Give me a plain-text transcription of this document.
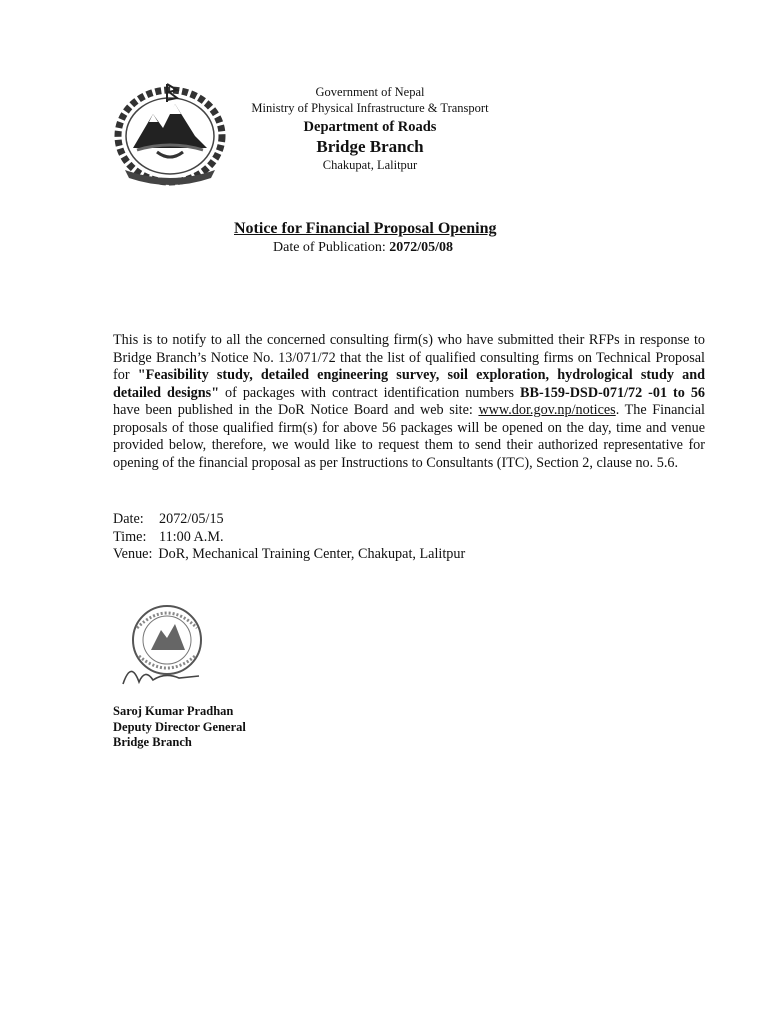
Government of Nepal
Ministry of Physical Infrastructure & Transport
Department of Roads
Bridge Branch
Chakupat, Lalitpur
Notice for Financial Proposal Opening
Date of Publication: 2072/05/08
This is to notify to all the concerned consulting firm(s) who have submitted their RFPs in response to Bridge Branch’s Notice No. 13/071/72 that the list of qualified consulting firms on Technical Proposal for "Feasibility study, detailed engineering survey, soil exploration, hydrological study and detailed designs" of packages with contract identification numbers BB-159-DSD-071/72 -01 to 56 have been published in the DoR Notice Board and web site: www.dor.gov.np/notices. The Financial proposals of those qualified firm(s) for above 56 packages will be opened on the day, time and venue provided below, therefore, we would like to request them to send their authorized representative for opening of the financial proposal as per Instructions to Consultants (ITC), Section 2, clause no. 5.6.
Date: 2072/05/15
Time: 11:00 A.M.
Venue: DoR, Mechanical Training Center, Chakupat, Lalitpur
Saroj Kumar Pradhan
Deputy Director General
Bridge Branch
